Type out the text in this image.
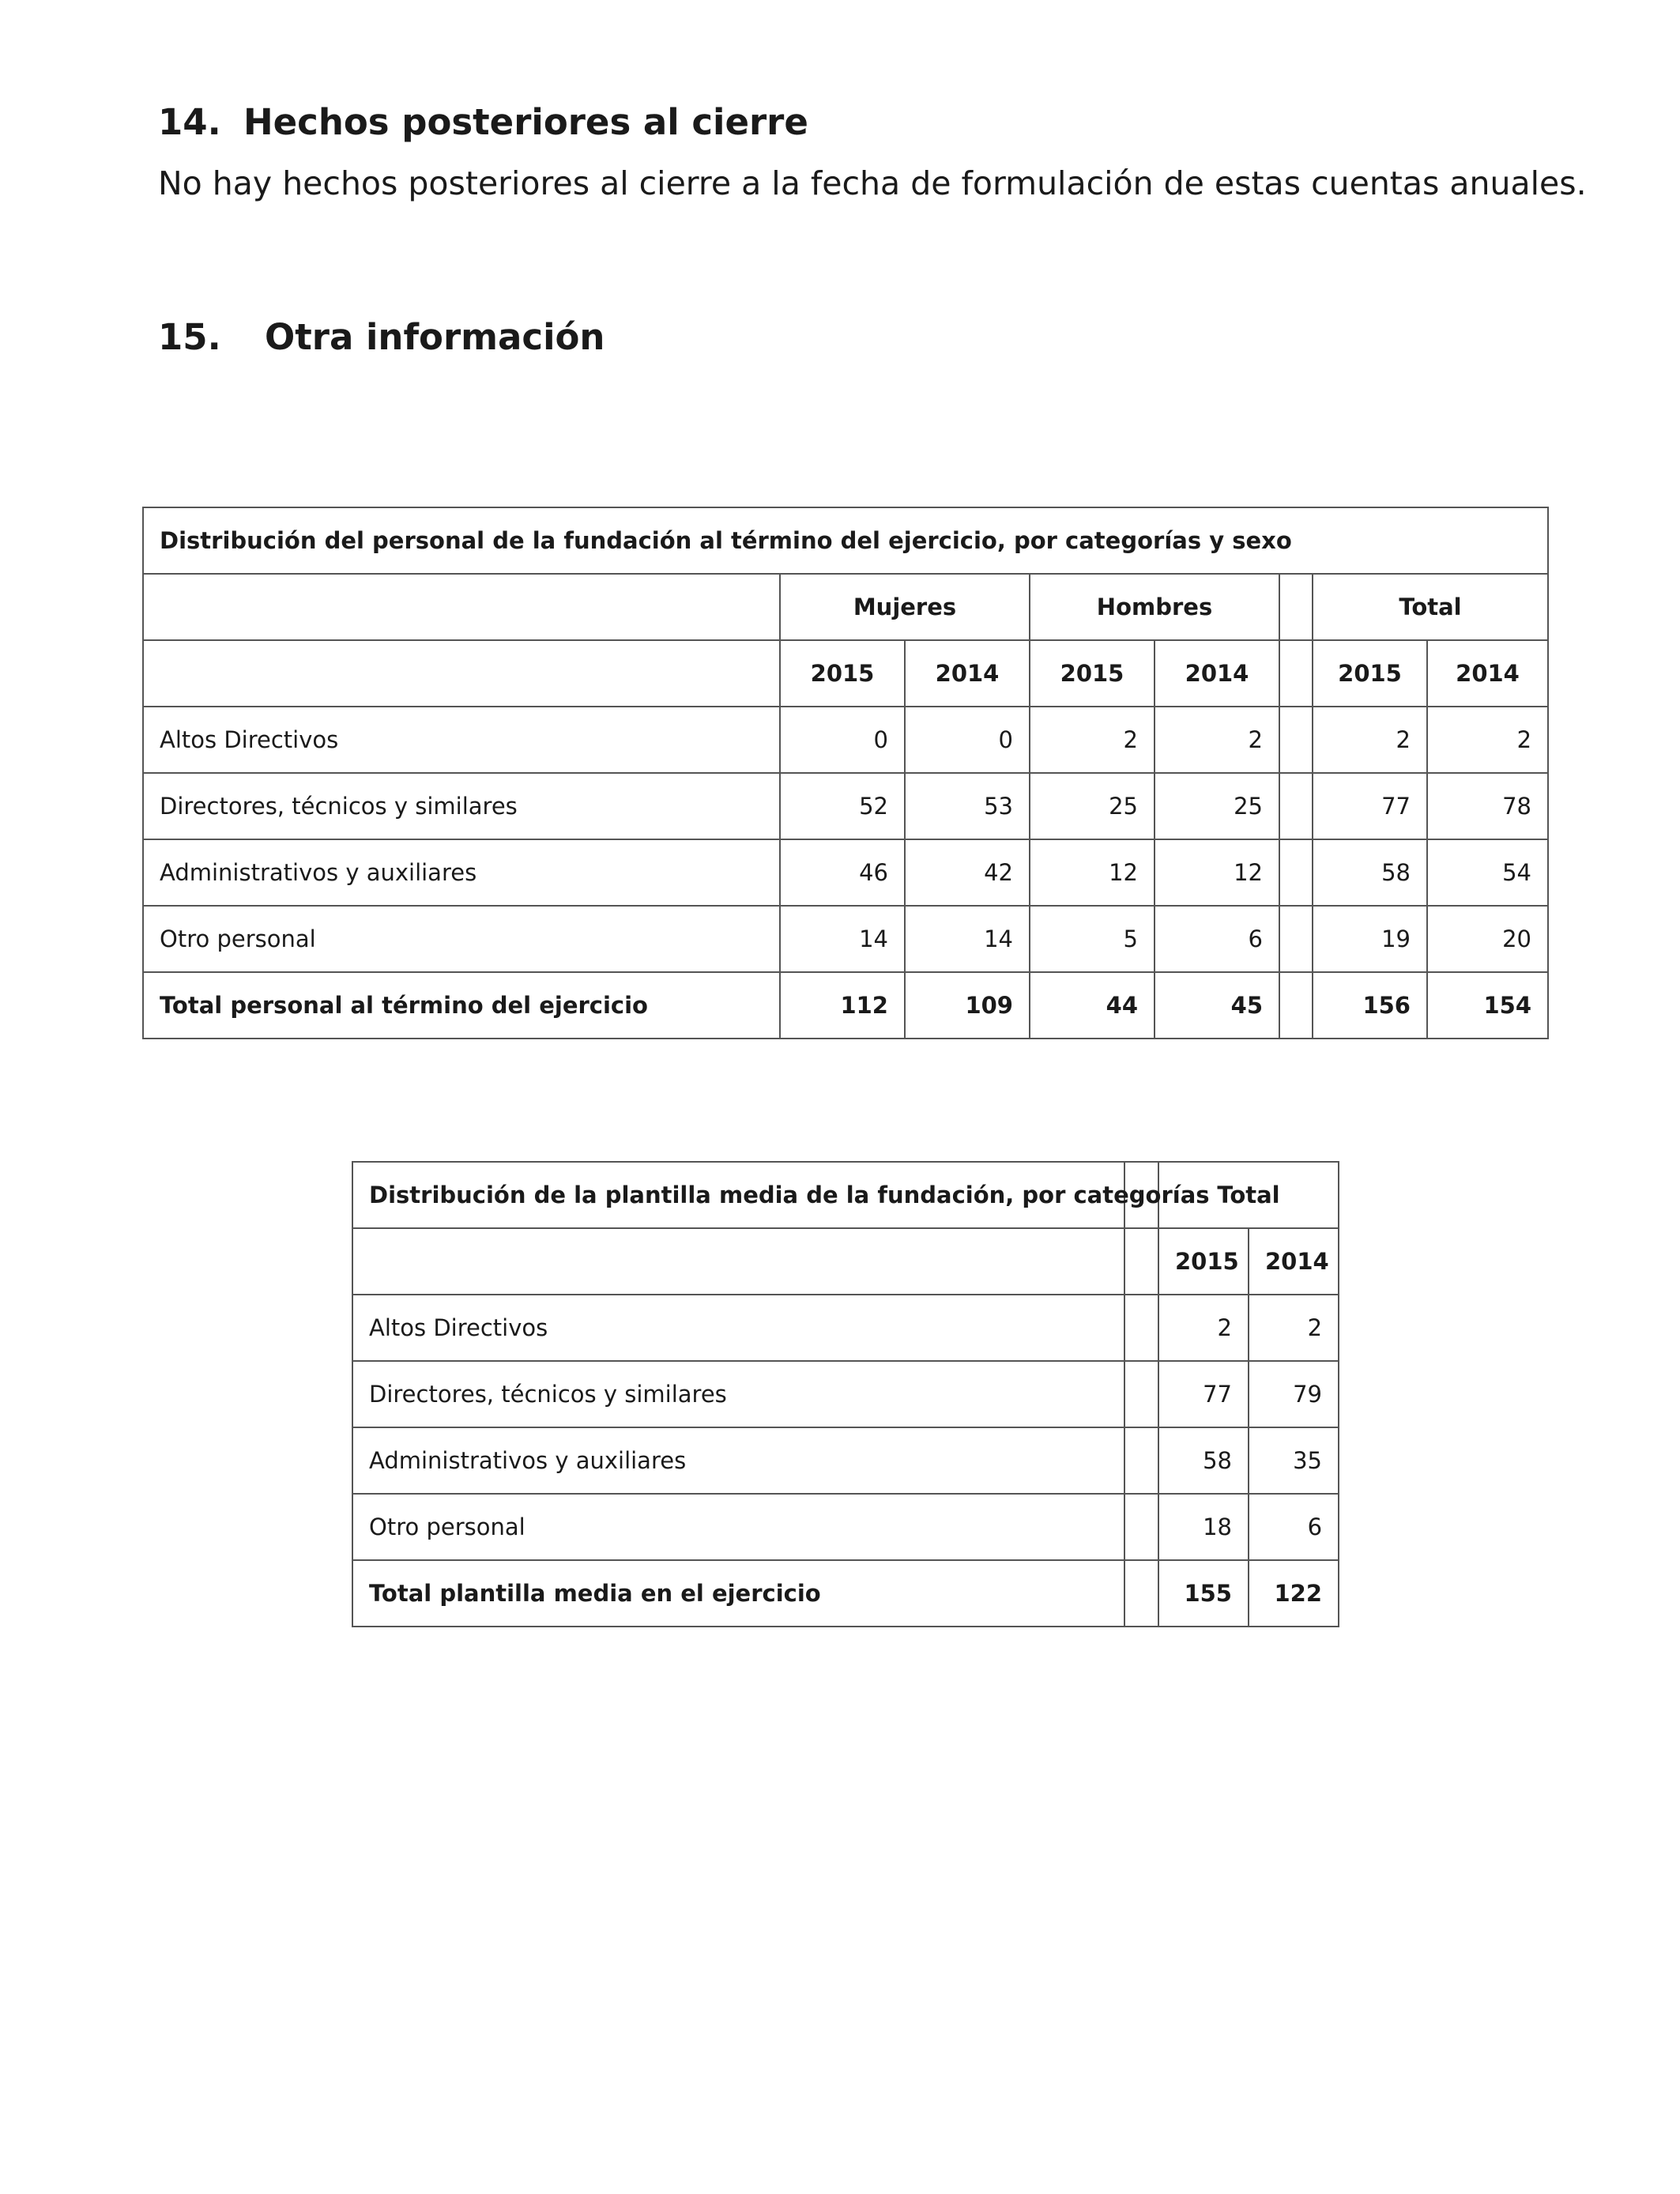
14. Hechos posteriores al cierre

No hay hechos posteriores al cierre a la fecha de formulación de estas cuentas anuales.

15. Otra información
Distribución del personal de la fundación al término del ejercicio, por categorías y sexo							
	Mujeres		Hombres			Total	
	2015	2014	2015	2014		2015	2014
Altos Directivos	0	0	2	2		2	2
Directores, técnicos y similares	52	53	25	25		77	78
Administrativos y auxiliares	46	42	12	12		58	54
Otro personal	14	14	5	6		19	20
Total personal al término del ejercicio	112	109	44	45		156	154
Distribución de la plantilla media de la fundación, por categorías		Total	
		2015	2014
Altos Directivos		2	2
Directores, técnicos y similares		77	79
Administrativos y auxiliares		58	35
Otro personal		18	6
Total plantilla media en el ejercicio		155	122
